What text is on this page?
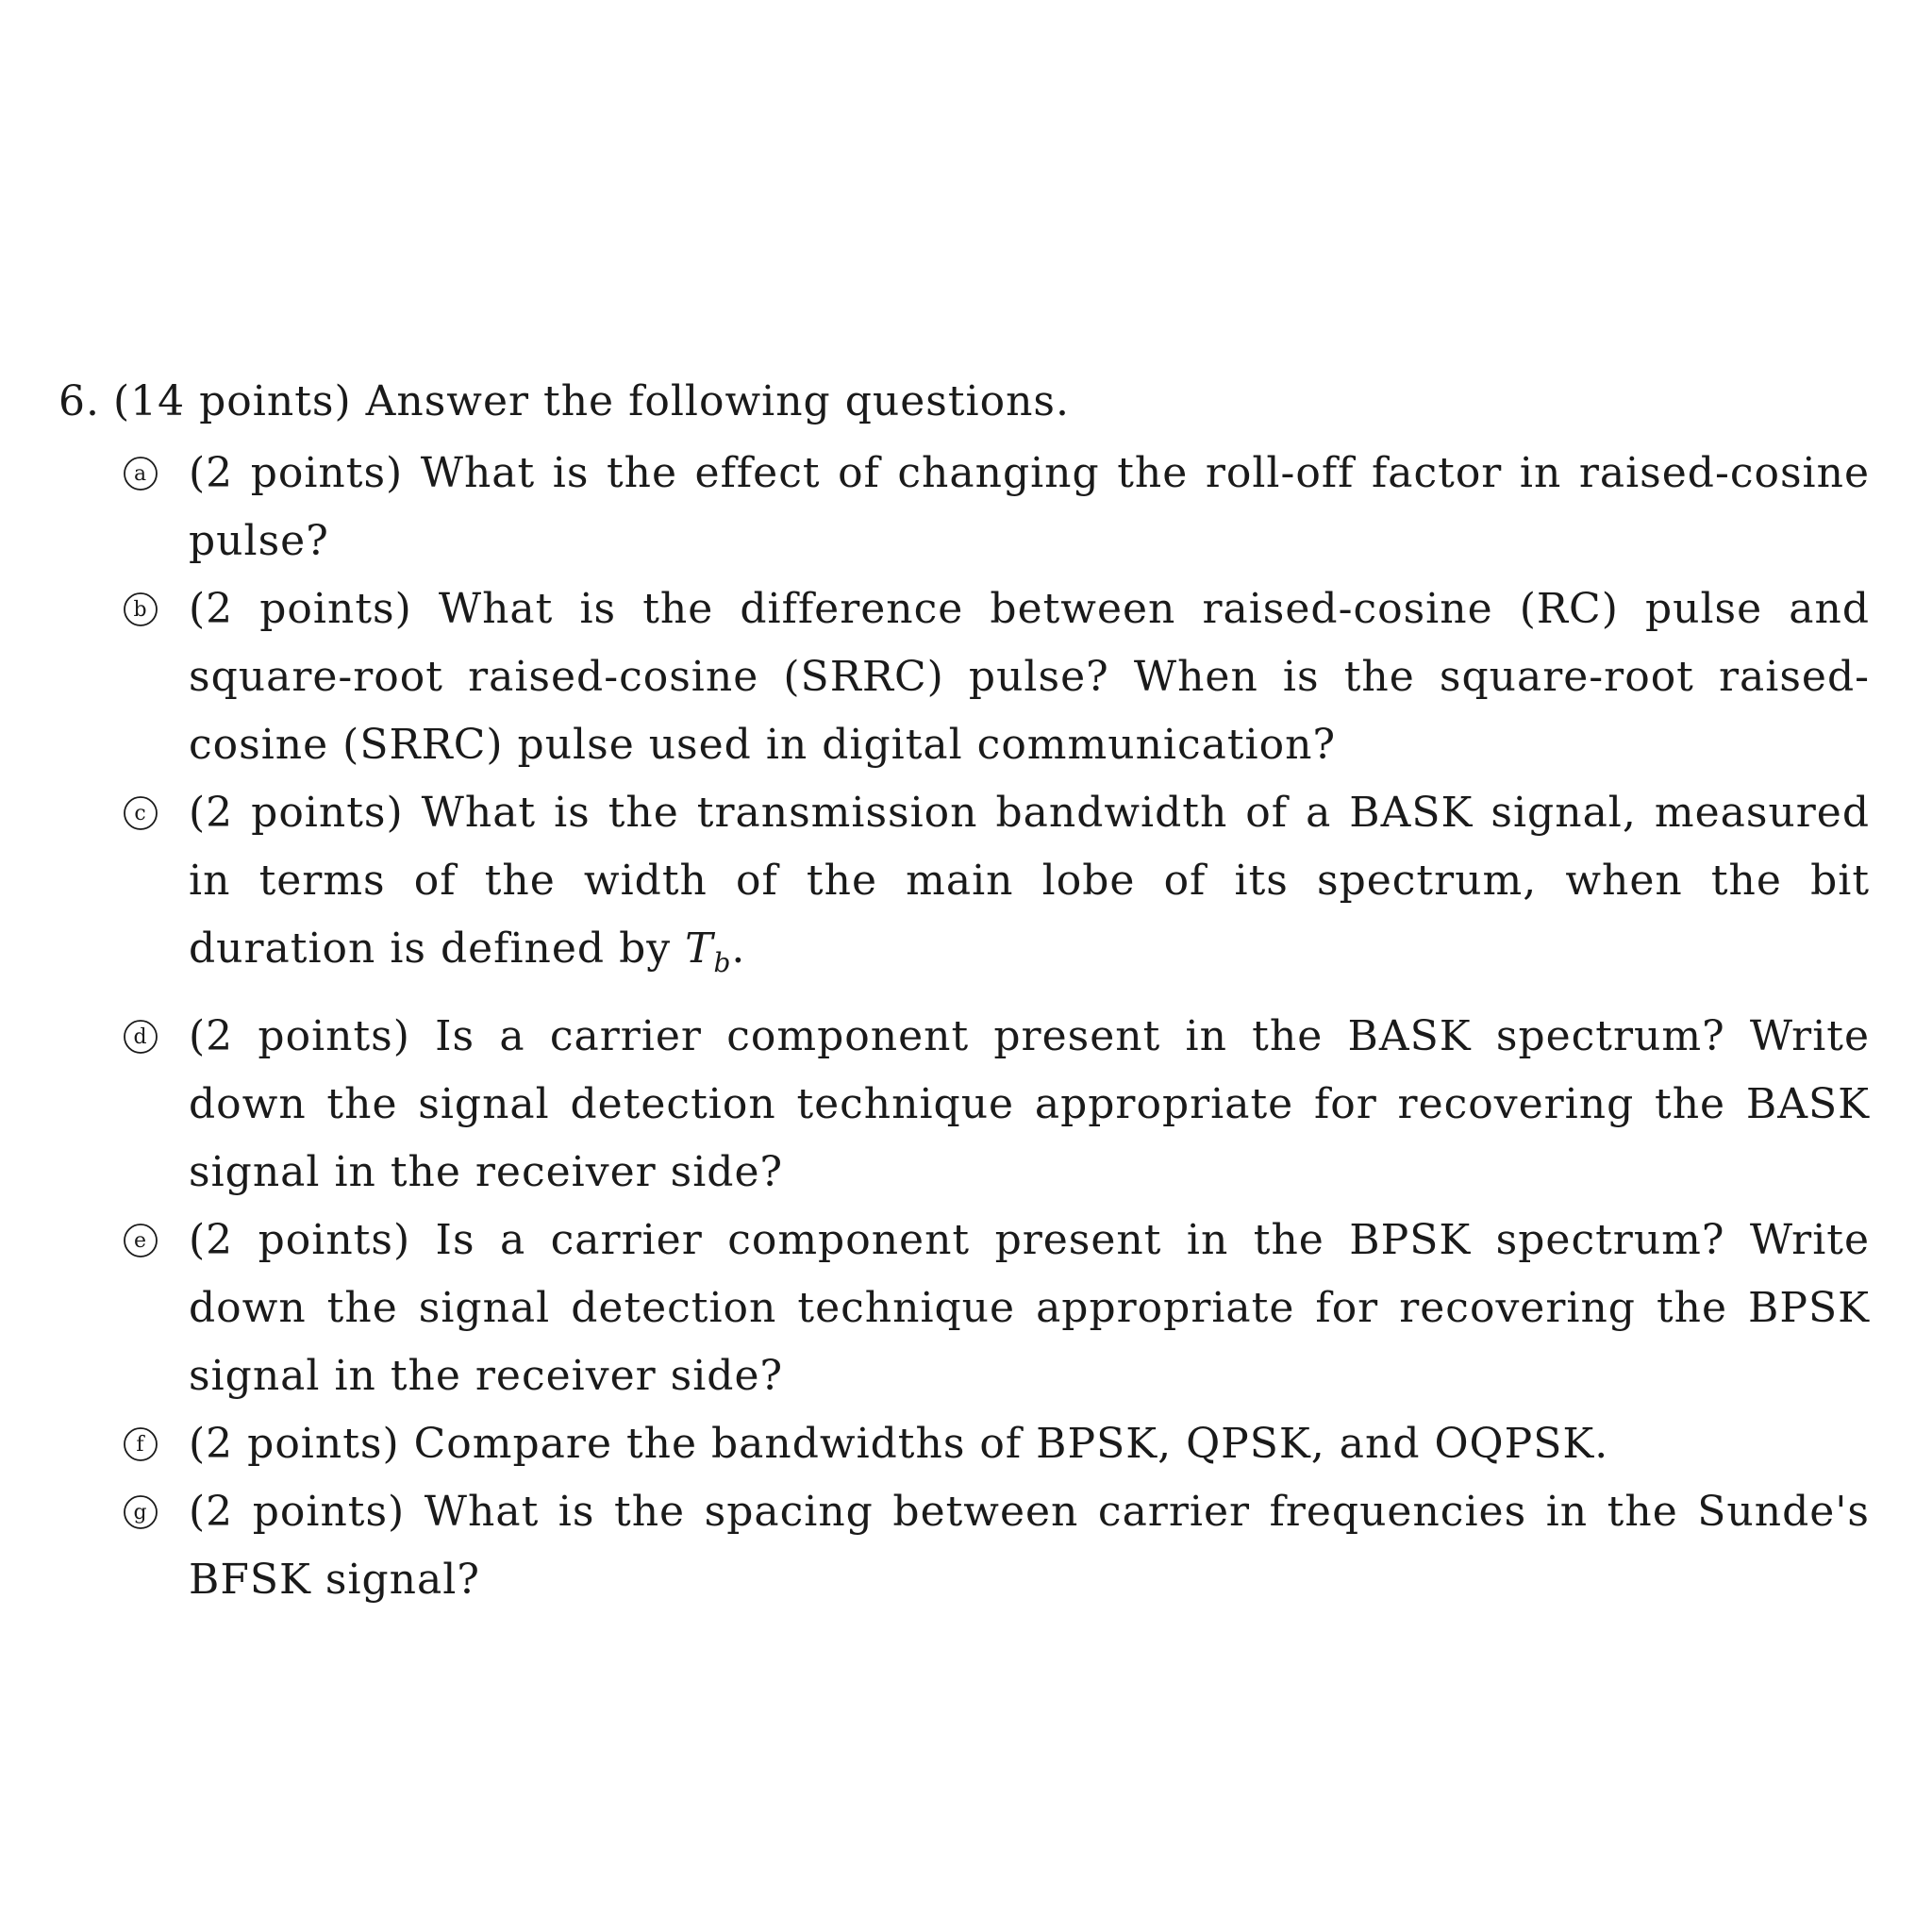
6. (14 points) Answer the following questions.
a (2 points) What is the effect of changing the roll-off factor in raised-cosine pulse?
b (2 points) What is the difference between raised-cosine (RC) pulse and square-root raised-cosine (SRRC) pulse? When is the square-root raised-cosine (SRRC) pulse used in digital communication?
c (2 points) What is the transmission bandwidth of a BASK signal, measured in terms of the width of the main lobe of its spectrum, when the bit duration is defined by $T_b$.
d (2 points) Is a carrier component present in the BASK spectrum? Write down the signal detection technique appropriate for recovering the BASK signal in the receiver side?
e (2 points) Is a carrier component present in the BPSK spectrum? Write down the signal detection technique appropriate for recovering the BPSK signal in the receiver side?
f (2 points) Compare the bandwidths of BPSK, QPSK, and OQPSK.
g (2 points) What is the spacing between carrier frequencies in the Sunde's BFSK signal?
